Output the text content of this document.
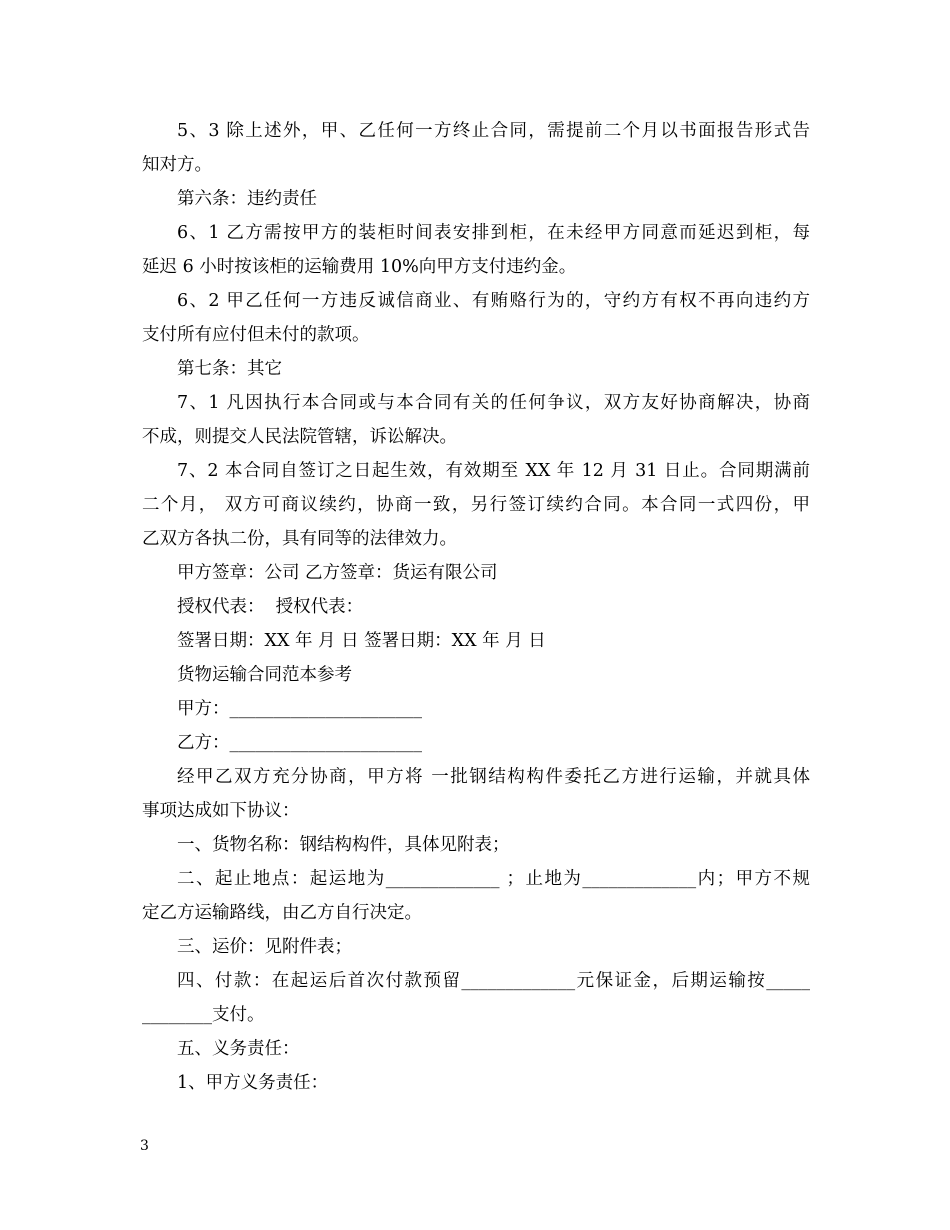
5、3 除上述外，甲、乙任何一方终止合同，需提前二个月以书面报告形式告
知对方。
第六条：违约责任
6、1 乙方需按甲方的装柜时间表安排到柜，在未经甲方同意而延迟到柜，每
延迟 6 小时按该柜的运输费用 10%向甲方支付违约金。
6、2 甲乙任何一方违反诚信商业、有贿赂行为的，守约方有权不再向违约方
支付所有应付但未付的款项。
第七条：其它
7、1 凡因执行本合同或与本合同有关的任何争议，双方友好协商解决，协商
不成，则提交人民法院管辖，诉讼解决。
7、2 本合同自签订之日起生效，有效期至 XX 年 12 月 31 日止。合同期满前
二个月， 双方可商议续约，协商一致，另行签订续约合同。本合同一式四份，甲
乙双方各执二份，具有同等的法律效力。
甲方签章：公司 乙方签章：货运有限公司
授权代表：  授权代表：
签署日期：XX 年 月 日 签署日期：XX 年 月 日
货物运输合同范本参考
甲方：______________________
乙方：______________________
经甲乙双方充分协商，甲方将 一批钢结构构件委托乙方进行运输，并就具体
事项达成如下协议：
一、货物名称：钢结构构件，具体见附表；
二、起止地点：起运地为_____________ ；止地为_____________内；甲方不规
定乙方运输路线，由乙方自行决定。
三、运价：见附件表；
四、付款：在起运后首次付款预留_____________元保证金，后期运输按_____
________支付。
五、义务责任：
1、甲方义务责任：
3
